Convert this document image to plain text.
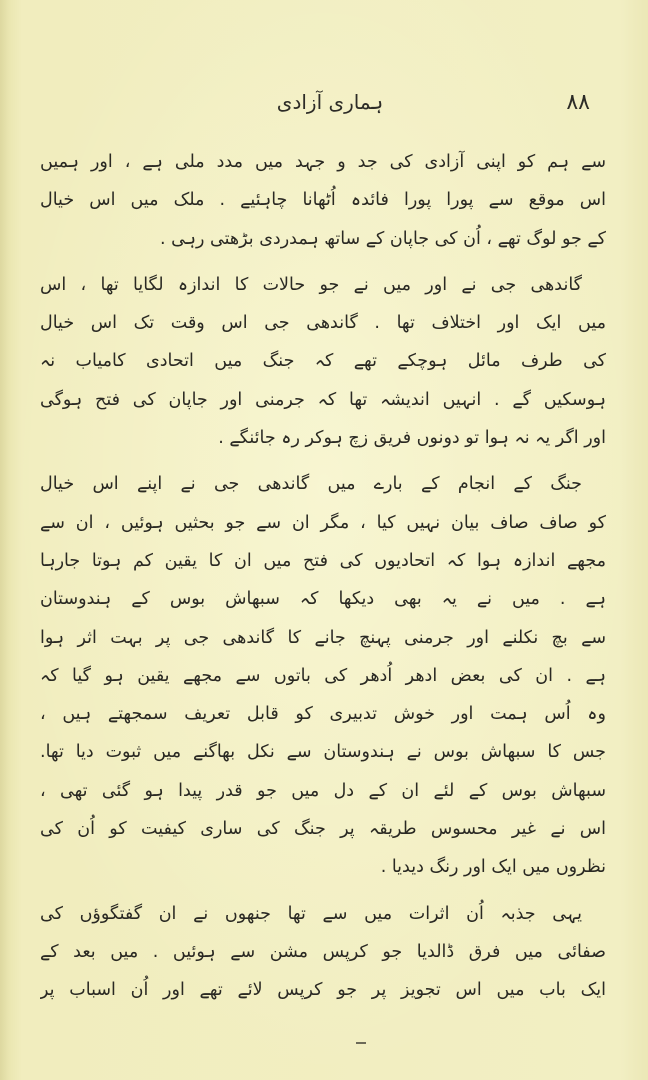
۸۸
ہماری آزادی
سے ہم کو اپنی آزادی کی جد و جہد میں مدد ملی ہے ، اور ہمیں
اس موقع سے پورا پورا فائدہ اُٹھانا چاہئیے . ملک میں اس خیال
کے جو لوگ تھے ، اُن کی جاپان کے ساتھ ہمدردی بڑھتی رہی .
گاندھی جی نے اور میں نے جو حالات کا اندازہ لگایا تھا ، اس
میں ایک اور اختلاف تھا . گاندھی جی اس وقت تک اس خیال
کی طرف مائل ہوچکے تھے کہ جنگ میں اتحادی کامیاب نہ
ہوسکیں گے . انہیں اندیشہ تھا کہ جرمنی اور جاپان کی فتح ہوگی
اور اگر یہ نہ ہوا تو دونوں فریق زچ ہوکر رہ جائنگے .
جنگ کے انجام کے بارے میں گاندھی جی نے اپنے اس خیال
کو صاف صاف بیان نہیں کیا ، مگر ان سے جو بحثیں ہوئیں ، ان سے
مجھے اندازہ ہوا کہ اتحادیوں کی فتح میں ان کا یقین کم ہوتا جارہا
ہے . میں نے یہ بھی دیکھا کہ سبھاش بوس کے ہندوستان
سے بچ نکلنے اور جرمنی پہنچ جانے کا گاندھی جی پر بہت اثر ہوا
ہے . ان کی بعض ادھر اُدھر کی باتوں سے مجھے یقین ہو گیا کہ
وہ اُس ہمت اور خوش تدبیری کو قابل تعریف سمجھتے ہیں ،
جس کا سبھاش بوس نے ہندوستان سے نکل بھاگنے میں ثبوت دیا تھا.
سبھاش بوس کے لئے ان کے دل میں جو قدر پیدا ہو گئی تھی ،
اس نے غیر محسوس طریقہ پر جنگ کی ساری کیفیت کو اُن کی
نظروں میں ایک اور رنگ دیدیا .
یہی جذبہ اُن اثرات میں سے تھا جنھوں نے ان گفتگوؤں کی
صفائی میں فرق ڈالدیا جو کرپس مشن سے ہوئیں . میں بعد کے
ایک باب میں اس تجویز پر جو کرپس لائے تھے اور اُن اسباب پر
